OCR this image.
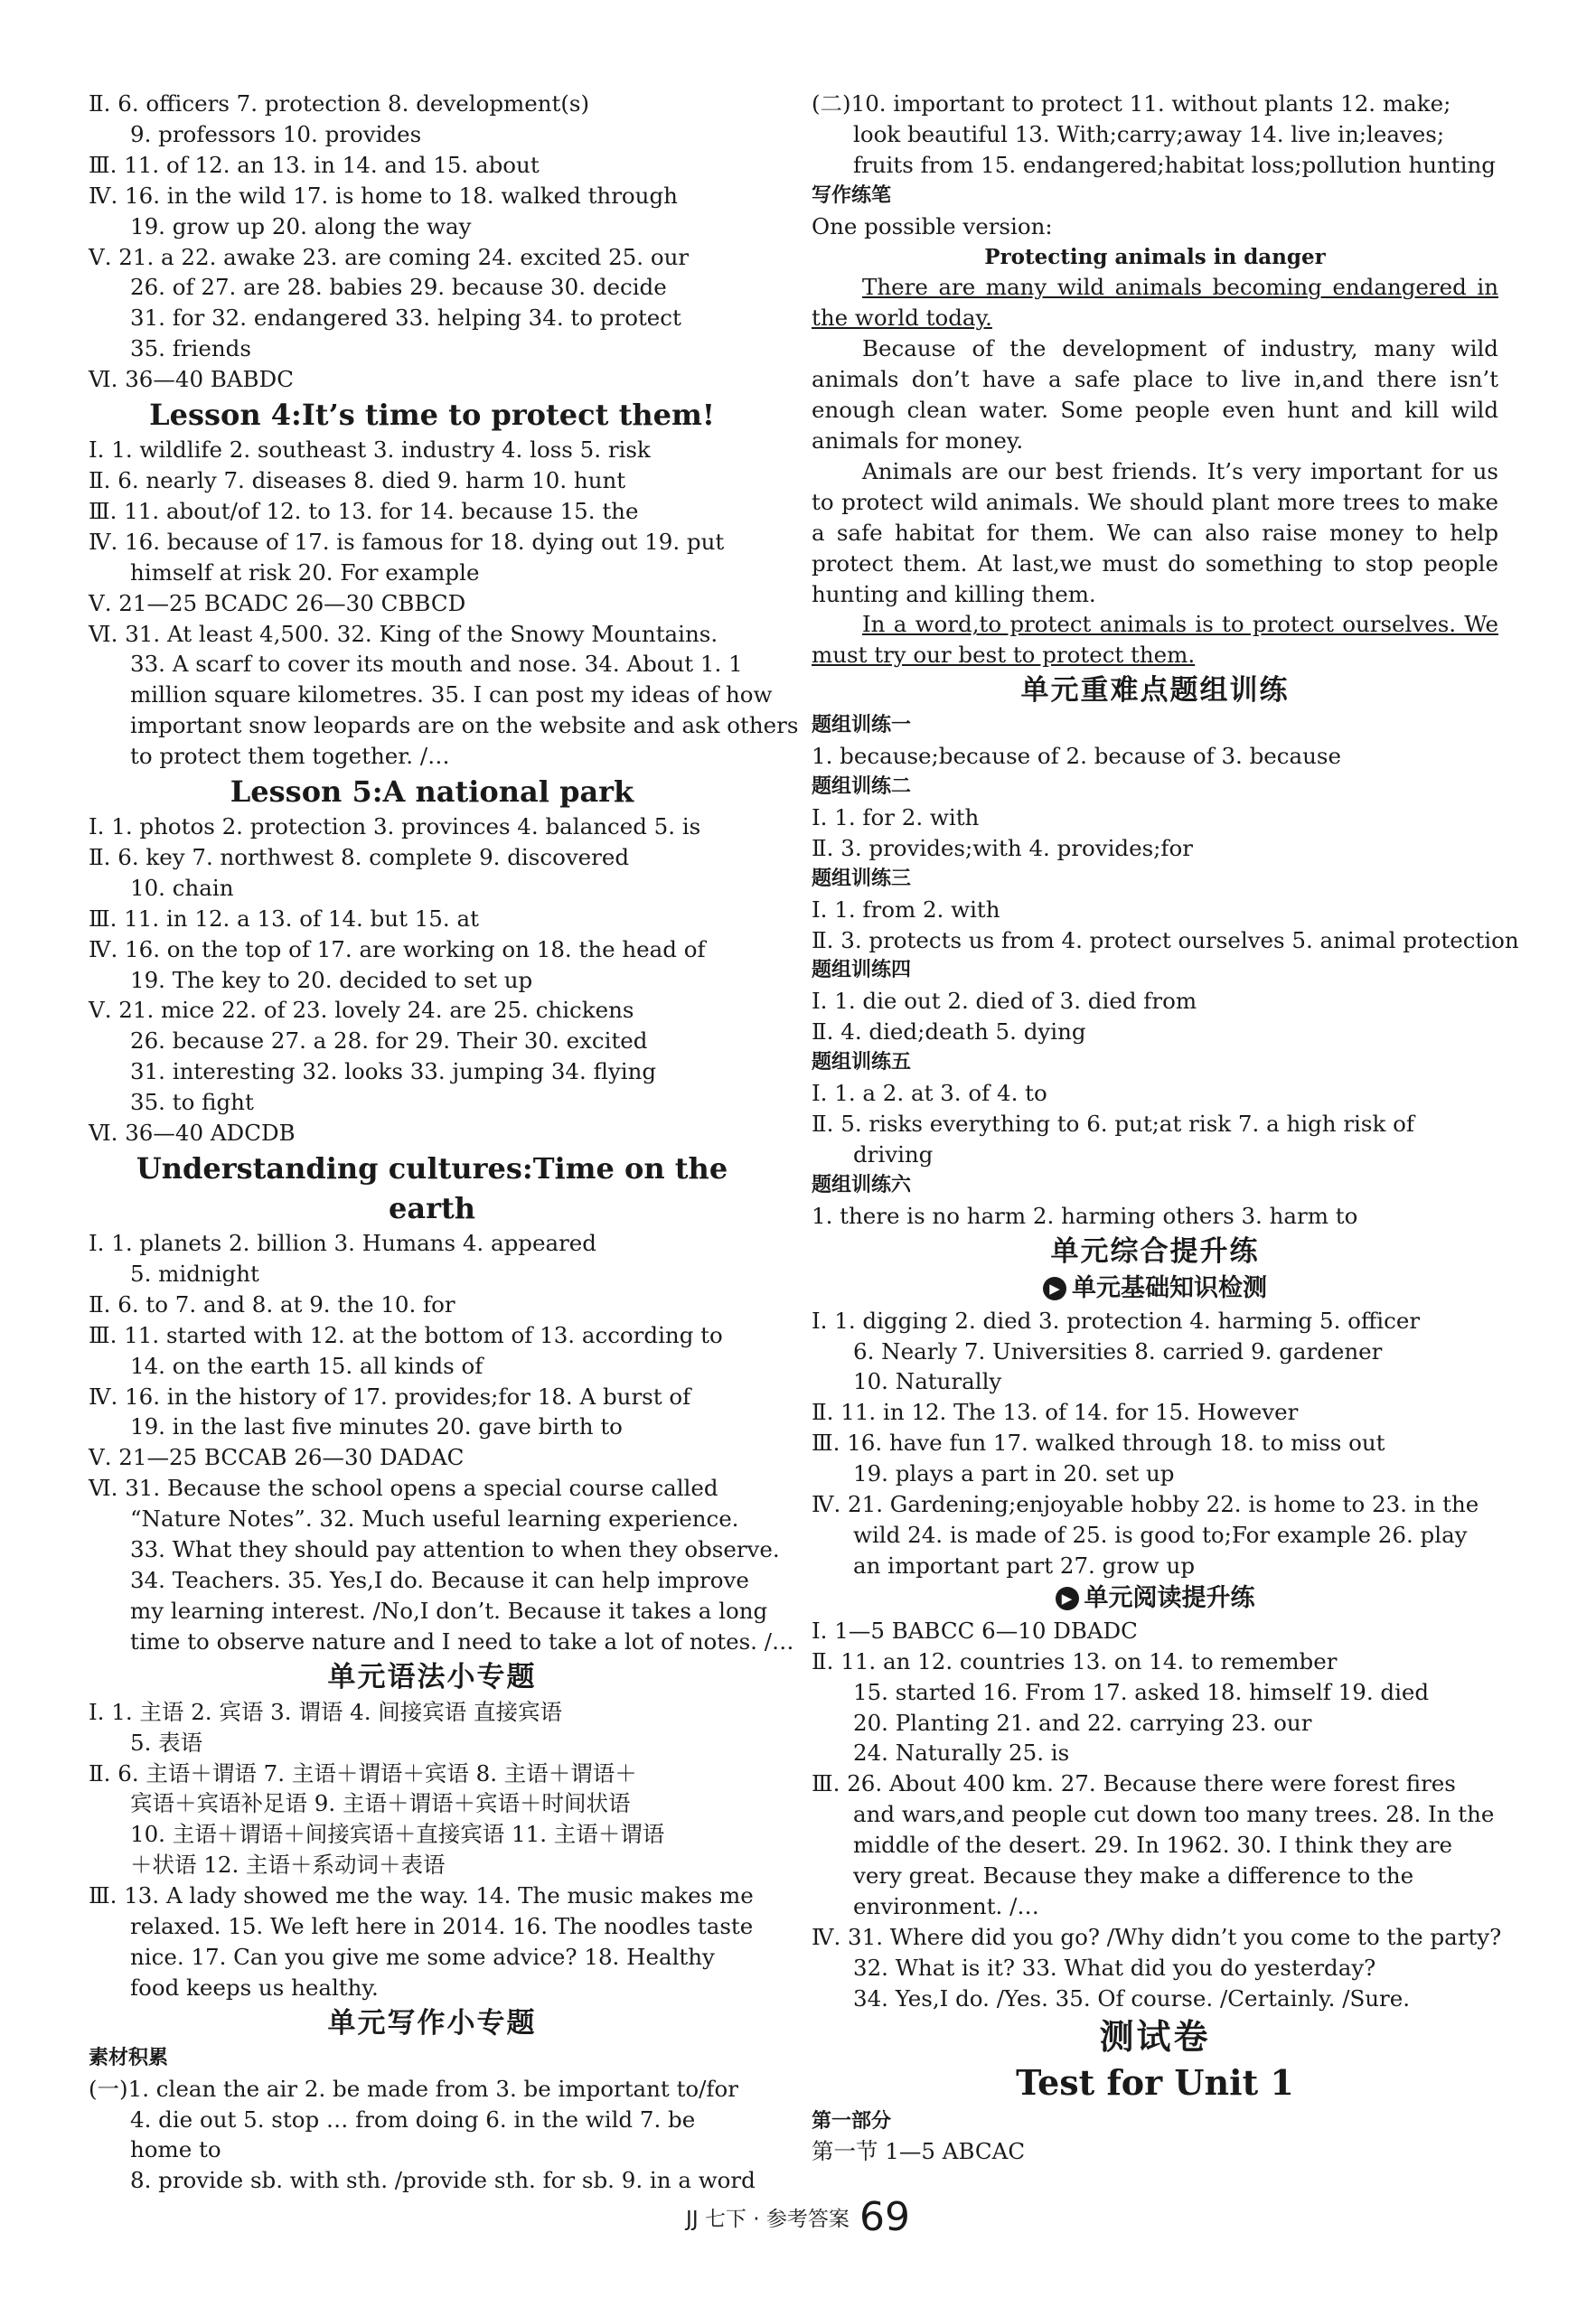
Ⅱ. 6. officers 7. protection 8. development(s)
9. professors 10. provides
Ⅲ. 11. of 12. an 13. in 14. and 15. about
Ⅳ. 16. in the wild 17. is home to 18. walked through
19. grow up 20. along the way
Ⅴ. 21. a 22. awake 23. are coming 24. excited 25. our
26. of 27. are 28. babies 29. because 30. decide
31. for 32. endangered 33. helping 34. to protect
35. friends
Ⅵ. 36—40 BABDC
Lesson 4:It’s time to protect them!
Ⅰ. 1. wildlife 2. southeast 3. industry 4. loss 5. risk
Ⅱ. 6. nearly 7. diseases 8. died 9. harm 10. hunt
Ⅲ. 11. about/of 12. to 13. for 14. because 15. the
Ⅳ. 16. because of 17. is famous for 18. dying out 19. put
himself at risk 20. For example
Ⅴ. 21—25 BCADC 26—30 CBBCD
Ⅵ. 31. At least 4,500. 32. King of the Snowy Mountains.
33. A scarf to cover its mouth and nose. 34. About 1. 1
million square kilometres. 35. I can post my ideas of how
important snow leopards are on the website and ask others
to protect them together. /…
Lesson 5:A national park
Ⅰ. 1. photos 2. protection 3. provinces 4. balanced 5. is
Ⅱ. 6. key 7. northwest 8. complete 9. discovered
10. chain
Ⅲ. 11. in 12. a 13. of 14. but 15. at
Ⅳ. 16. on the top of 17. are working on 18. the head of
19. The key to 20. decided to set up
Ⅴ. 21. mice 22. of 23. lovely 24. are 25. chickens
26. because 27. a 28. for 29. Their 30. excited
31. interesting 32. looks 33. jumping 34. flying
35. to fight
Ⅵ. 36—40 ADCDB
Understanding cultures:Time on the earth
Ⅰ. 1. planets 2. billion 3. Humans 4. appeared
5. midnight
Ⅱ. 6. to 7. and 8. at 9. the 10. for
Ⅲ. 11. started with 12. at the bottom of 13. according to
14. on the earth 15. all kinds of
Ⅳ. 16. in the history of 17. provides;for 18. A burst of
19. in the last five minutes 20. gave birth to
Ⅴ. 21—25 BCCAB 26—30 DADAC
Ⅵ. 31. Because the school opens a special course called
“Nature Notes”. 32. Much useful learning experience.
33. What they should pay attention to when they observe.
34. Teachers. 35. Yes,I do. Because it can help improve
my learning interest. /No,I don’t. Because it takes a long
time to observe nature and I need to take a lot of notes. /…
单元语法小专题
Ⅰ. 1. 主语 2. 宾语 3. 谓语 4. 间接宾语 直接宾语
5. 表语
Ⅱ. 6. 主语＋谓语 7. 主语＋谓语＋宾语 8. 主语＋谓语＋
宾语＋宾语补足语 9. 主语＋谓语＋宾语＋时间状语
10. 主语＋谓语＋间接宾语＋直接宾语 11. 主语＋谓语
＋状语 12. 主语＋系动词＋表语
Ⅲ. 13. A lady showed me the way. 14. The music makes me
relaxed. 15. We left here in 2014. 16. The noodles taste
nice. 17. Can you give me some advice? 18. Healthy
food keeps us healthy.
单元写作小专题
素材积累
(一)1. clean the air 2. be made from 3. be important to/for
4. die out 5. stop … from doing 6. in the wild 7. be
home to
8. provide sb. with sth. /provide sth. for sb. 9. in a word
(二)10. important to protect 11. without plants 12. make;
look beautiful 13. With;carry;away 14. live in;leaves;
fruits from 15. endangered;habitat loss;pollution hunting
写作练笔
One possible version:
Protecting animals in danger

There are many wild animals becoming endangered in the world today.

Because of the development of industry, many wild animals don’t have a safe place to live in,and there isn’t enough clean water. Some people even hunt and kill wild animals for money.

Animals are our best friends. It’s very important for us to protect wild animals. We should plant more trees to make a safe habitat for them. We can also raise money to help protect them. At last,we must do something to stop people hunting and killing them.

In a word,to protect animals is to protect ourselves. We must try our best to protect them.

单元重难点题组训练
题组训练一
1. because;because of 2. because of 3. because
题组训练二
Ⅰ. 1. for 2. with
Ⅱ. 3. provides;with 4. provides;for
题组训练三
Ⅰ. 1. from 2. with
Ⅱ. 3. protects us from 4. protect ourselves 5. animal protection
题组训练四
Ⅰ. 1. die out 2. died of 3. died from
Ⅱ. 4. died;death 5. dying
题组训练五
Ⅰ. 1. a 2. at 3. of 4. to
Ⅱ. 5. risks everything to 6. put;at risk 7. a high risk of
driving
题组训练六
1. there is no harm 2. harming others 3. harm to
单元综合提升练
▶ 单元基础知识检测
Ⅰ. 1. digging 2. died 3. protection 4. harming 5. officer
6. Nearly 7. Universities 8. carried 9. gardener
10. Naturally
Ⅱ. 11. in 12. The 13. of 14. for 15. However
Ⅲ. 16. have fun 17. walked through 18. to miss out
19. plays a part in 20. set up
Ⅳ. 21. Gardening;enjoyable hobby 22. is home to 23. in the
wild 24. is made of 25. is good to;For example 26. play
an important part 27. grow up
▶ 单元阅读提升练
Ⅰ. 1—5 BABCC 6—10 DBADC
Ⅱ. 11. an 12. countries 13. on 14. to remember
15. started 16. From 17. asked 18. himself 19. died
20. Planting 21. and 22. carrying 23. our
24. Naturally 25. is
Ⅲ. 26. About 400 km. 27. Because there were forest fires
and wars,and people cut down too many trees. 28. In the
middle of the desert. 29. In 1962. 30. I think they are
very great. Because they make a difference to the
environment. /…
Ⅳ. 31. Where did you go? /Why didn’t you come to the party?
32. What is it? 33. What did you do yesterday?
34. Yes,I do. /Yes. 35. Of course. /Certainly. /Sure.
测试卷
Test for Unit 1
第一部分
第一节 1—5 ABCAC
JJ 七下 · 参考答案 69
